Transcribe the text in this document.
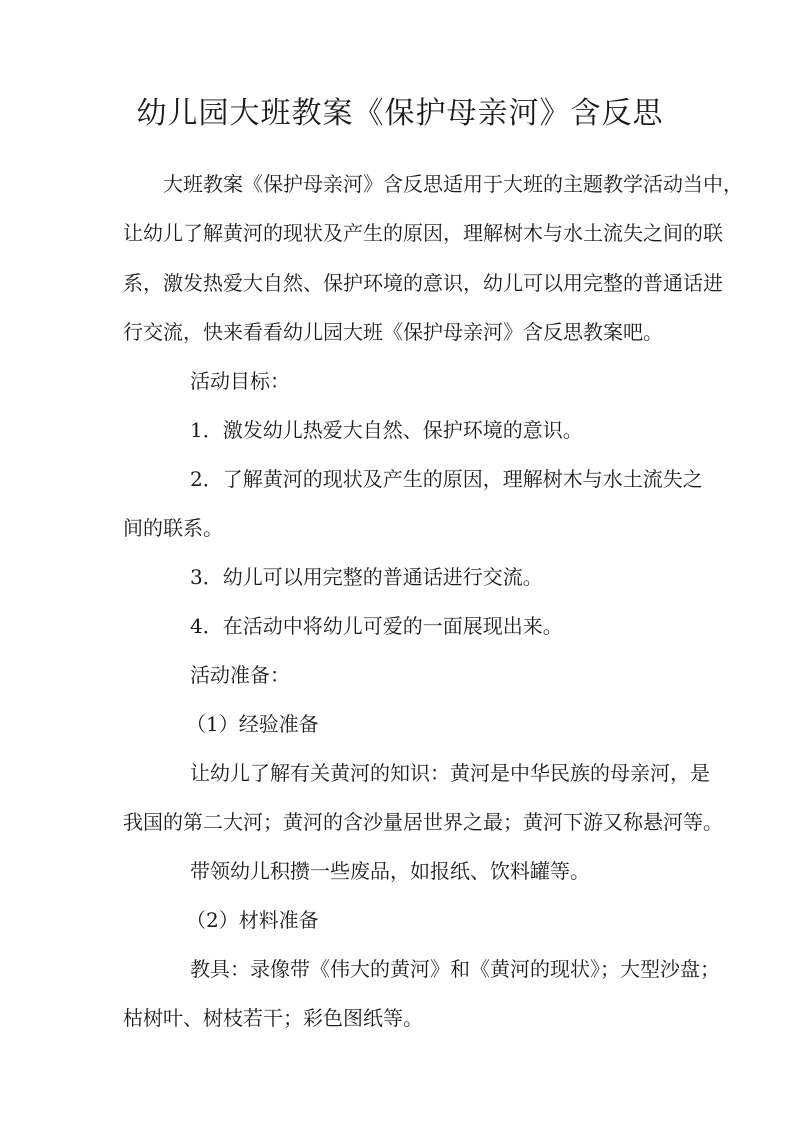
幼儿园大班教案《保护母亲河》含反思

大班教案《保护母亲河》含反思适用于大班的主题教学活动当中，

让幼儿了解黄河的现状及产生的原因，理解树木与水土流失之间的联

系，激发热爱大自然、保护环境的意识，幼儿可以用完整的普通话进

行交流，快来看看幼儿园大班《保护母亲河》含反思教案吧。

活动目标：

1．激发幼儿热爱大自然、保护环境的意识。

2．了解黄河的现状及产生的原因，理解树木与水土流失之

间的联系。

3．幼儿可以用完整的普通话进行交流。

4．在活动中将幼儿可爱的一面展现出来。

活动准备：

（1）经验准备

让幼儿了解有关黄河的知识：黄河是中华民族的母亲河，是

我国的第二大河；黄河的含沙量居世界之最；黄河下游又称悬河等。

带领幼儿积攒一些废品，如报纸、饮料罐等。

（2）材料准备

教具：录像带《伟大的黄河》和《黄河的现状》；大型沙盘；

枯树叶、树枝若干；彩色图纸等。
